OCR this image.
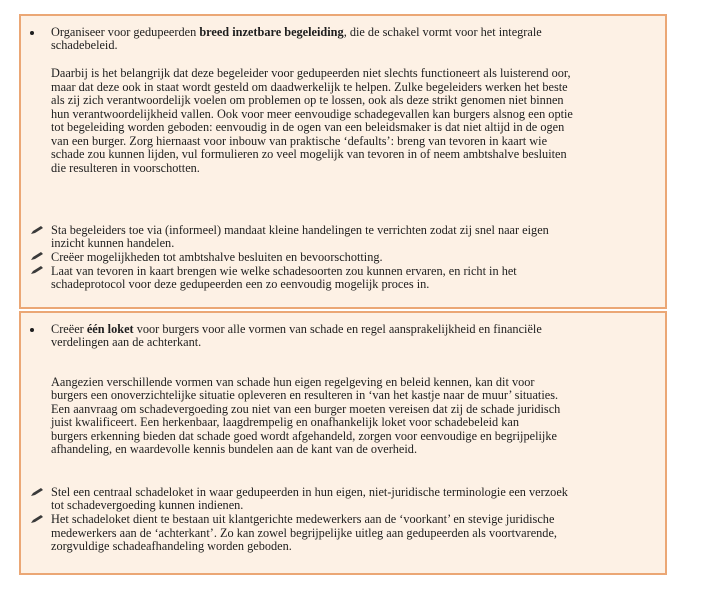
Organiseer voor gedupeerden breed inzetbare begeleiding, die de schakel vormt voor het integrale
schadebeleid.
Daarbij is het belangrijk dat deze begeleider voor gedupeerden niet slechts functioneert als luisterend oor,
maar dat deze ook in staat wordt gesteld om daadwerkelijk te helpen. Zulke begeleiders werken het beste
als zij zich verantwoordelijk voelen om problemen op te lossen, ook als deze strikt genomen niet binnen
hun verantwoordelijkheid vallen. Ook voor meer eenvoudige schadegevallen kan burgers alsnog een optie
tot begeleiding worden geboden: eenvoudig in de ogen van een beleidsmaker is dat niet altijd in de ogen
van een burger. Zorg hiernaast voor inbouw van praktische ‘defaults’: breng van tevoren in kaart wie
schade zou kunnen lijden, vul formulieren zo veel mogelijk van tevoren in of neem ambtshalve besluiten
die resulteren in voorschotten.
Sta begeleiders toe via (informeel) mandaat kleine handelingen te verrichten zodat zij snel naar eigen
inzicht kunnen handelen.
Creëer mogelijkheden tot ambtshalve besluiten en bevoorschotting.
Laat van tevoren in kaart brengen wie welke schadesoorten zou kunnen ervaren, en richt in het
schadeprotocol voor deze gedupeerden een zo eenvoudig mogelijk proces in.
Creëer één loket voor burgers voor alle vormen van schade en regel aansprakelijkheid en financiële
verdelingen aan de achterkant.
Aangezien verschillende vormen van schade hun eigen regelgeving en beleid kennen, kan dit voor
burgers een onoverzichtelijke situatie opleveren en resulteren in ‘van het kastje naar de muur’ situaties.
Een aanvraag om schadevergoeding zou niet van een burger moeten vereisen dat zij de schade juridisch
juist kwalificeert. Een herkenbaar, laagdrempelig en onafhankelijk loket voor schadebeleid kan
burgers erkenning bieden dat schade goed wordt afgehandeld, zorgen voor eenvoudige en begrijpelijke
afhandeling, en waardevolle kennis bundelen aan de kant van de overheid.
Stel een centraal schadeloket in waar gedupeerden in hun eigen, niet-juridische terminologie een verzoek
tot schadevergoeding kunnen indienen.
Het schadeloket dient te bestaan uit klantgerichte medewerkers aan de ‘voorkant’ en stevige juridische
medewerkers aan de ‘achterkant’. Zo kan zowel begrijpelijke uitleg aan gedupeerden als voortvarende,
zorgvuldige schadeafhandeling worden geboden.
